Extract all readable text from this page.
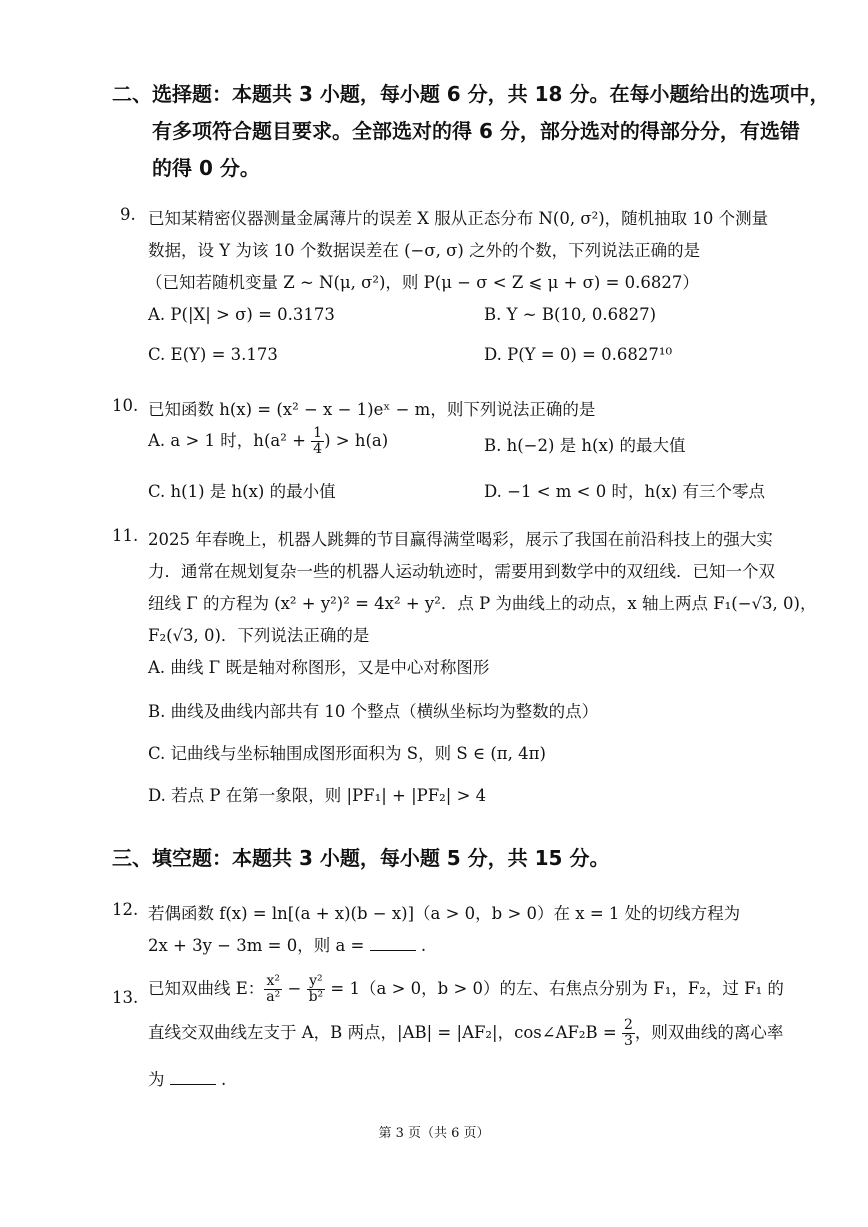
二、选择题：本题共 3 小题，每小题 6 分，共 18 分。在每小题给出的选项中，
有多项符合题目要求。全部选对的得 6 分，部分选对的得部分分，有选错
的得 0 分。
9. 已知某精密仪器测量金属薄片的误差 X 服从正态分布 N(0, σ²)，随机抽取 10 个测量
数据，设 Y 为该 10 个数据误差在 (−σ, σ) 之外的个数，下列说法正确的是
（已知若随机变量 Z ~ N(μ, σ²)，则 P(μ − σ < Z ⩽ μ + σ) = 0.6827）
A. P(|X| > σ) = 0.3173	B. Y ~ B(10, 0.6827)
C. E(Y) = 3.173	D. P(Y = 0) = 0.6827¹⁰
10. 已知函数 h(x) = (x² − x − 1)eˣ − m，则下列说法正确的是
A. a > 1 时，$h(a^2 + \frac{1}{4}$ ) > h(a)	B. h(−2) 是 h(x) 的最大值
C. h(1) 是 h(x) 的最小值	D. −1 < m < 0 时，h(x) 有三个零点
11. 2025 年春晚上，机器人跳舞的节目赢得满堂喝彩，展示了我国在前沿科技上的强大实
力．通常在规划复杂一些的机器人运动轨迹时，需要用到数学中的双纽线．已知一个双
纽线 Γ 的方程为 (x² + y²)² = 4x² + y²．点 P 为曲线上的动点，x 轴上两点 F₁(−√3, 0)，
F₂(√3, 0)．下列说法正确的是
A. 曲线 Γ 既是轴对称图形，又是中心对称图形
B. 曲线及曲线内部共有 10 个整点（横纵坐标均为整数的点）
C. 记曲线与坐标轴围成图形面积为 S，则 S ∈ (π, 4π)
D. 若点 P 在第一象限，则 |PF₁| + |PF₂| > 4
三、填空题：本题共 3 小题，每小题 5 分，共 15 分。
12. 若偶函数 f(x) = ln[(a + x)(b − x)]（a > 0，b > 0）在 x = 1 处的切线方程为
2x + 3y − 3m = 0，则 a =	.
13. 已知双曲线 E： $\frac{\text{x²}}{\text{a²}} - \frac{\text{y²}}{\text{b²}} = 1(a > 0$，b > 0）的左、右焦点分别为 F₁，F₂，过 F₁ 的
直线交双曲线左支于 A，B 两点，|AB| = |AF₂|，cos∠AF₂B = $\frac{2}{3}$ ，则双曲线的离心率
为	.
第 3 页（共 6 页）
